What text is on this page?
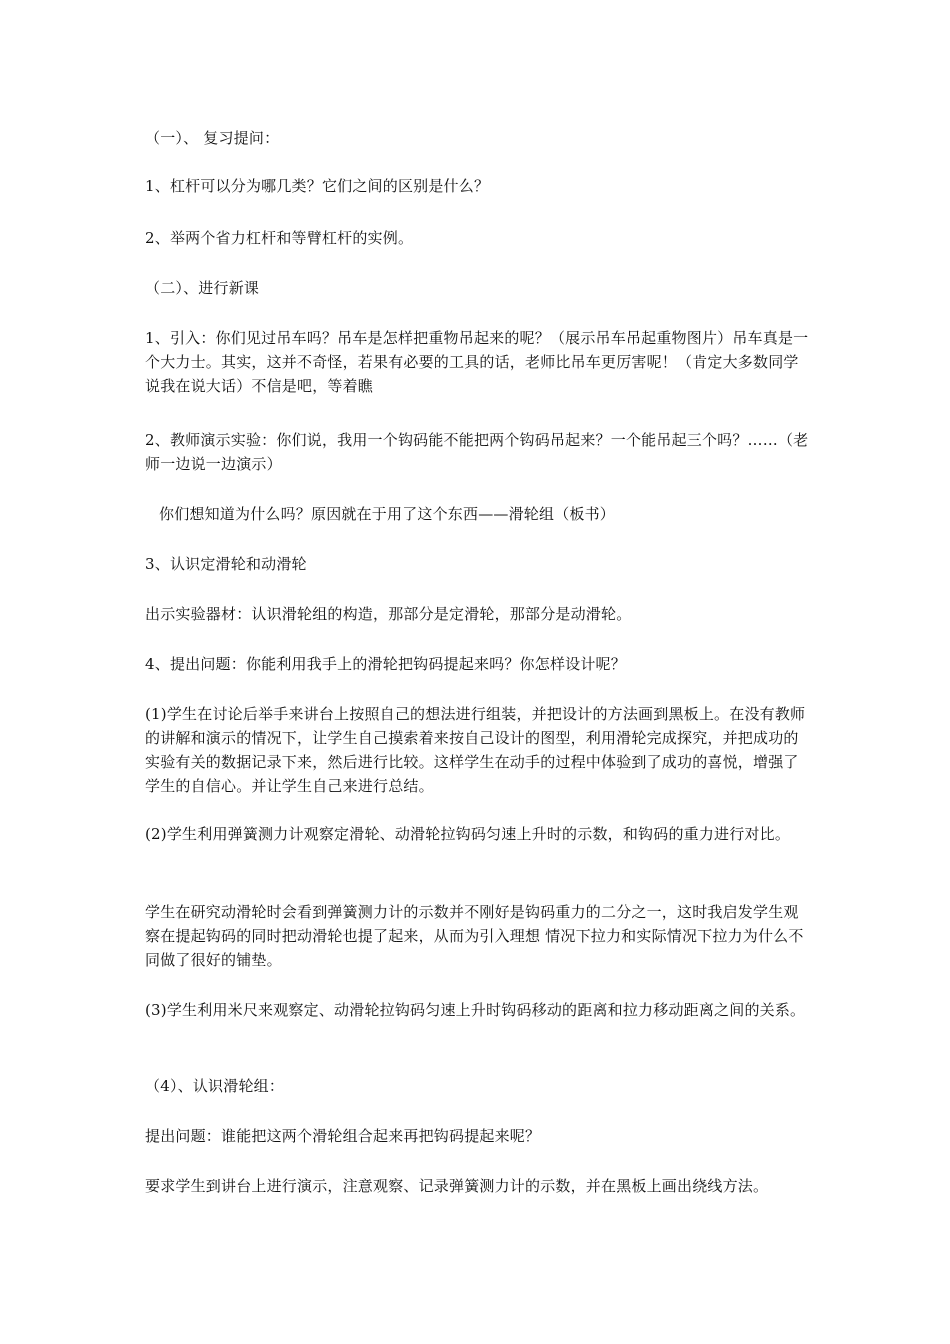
（一）、 复习提问：

1、杠杆可以分为哪几类？它们之间的区别是什么？

2、举两个省力杠杆和等臂杠杆的实例。

（二）、进行新课

1、引入：你们见过吊车吗？吊车是怎样把重物吊起来的呢？（展示吊车吊起重物图片）吊车真是一个大力士。其实，这并不奇怪，若果有必要的工具的话，老师比吊车更厉害呢！（肯定大多数同学说我在说大话）不信是吧，等着瞧

2、教师演示实验：你们说，我用一个钩码能不能把两个钩码吊起来？一个能吊起三个吗？……（老师一边说一边演示）

你们想知道为什么吗？原因就在于用了这个东西——滑轮组（板书）

3、认识定滑轮和动滑轮

出示实验器材：认识滑轮组的构造，那部分是定滑轮，那部分是动滑轮。

4、提出问题：你能利用我手上的滑轮把钩码提起来吗？你怎样设计呢？

(1)学生在讨论后举手来讲台上按照自己的想法进行组装，并把设计的方法画到黑板上。在没有教师的讲解和演示的情况下，让学生自己摸索着来按自己设计的图型，利用滑轮完成探究，并把成功的实验有关的数据记录下来，然后进行比较。这样学生在动手的过程中体验到了成功的喜悦，增强了学生的自信心。并让学生自己来进行总结。

(2)学生利用弹簧测力计观察定滑轮、动滑轮拉钩码匀速上升时的示数，和钩码的重力进行对比。

学生在研究动滑轮时会看到弹簧测力计的示数并不刚好是钩码重力的二分之一，这时我启发学生观察在提起钩码的同时把动滑轮也提了起来，从而为引入理想 情况下拉力和实际情况下拉力为什么不同做了很好的铺垫。

(3)学生利用米尺来观察定、动滑轮拉钩码匀速上升时钩码移动的距离和拉力移动距离之间的关系。

（4）、认识滑轮组：

提出问题：谁能把这两个滑轮组合起来再把钩码提起来呢？

要求学生到讲台上进行演示，注意观察、记录弹簧测力计的示数，并在黑板上画出绕线方法。
